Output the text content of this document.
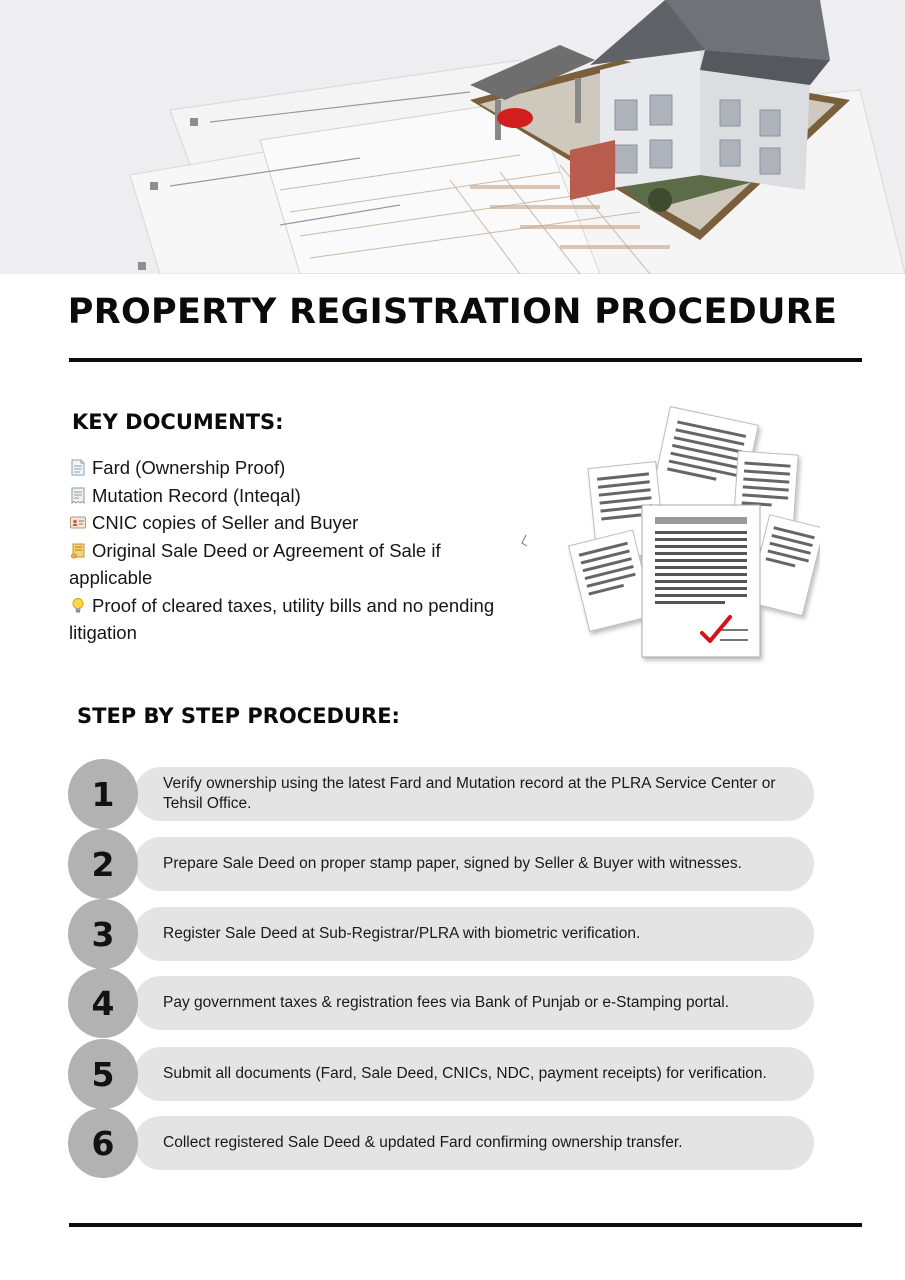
PROPERTY REGISTRATION PROCEDURE
KEY DOCUMENTS:
Fard (Ownership Proof)
Mutation Record (Inteqal)
CNIC copies of Seller and Buyer
Original Sale Deed or Agreement of Sale if applicable
Proof of cleared taxes, utility bills and no pending litigation
STEP BY STEP PROCEDURE:
1	Verify ownership using the latest Fard and Mutation record at the PLRA Service Center or Tehsil Office.
2	Prepare Sale Deed on proper stamp paper, signed by Seller & Buyer with witnesses.
3	Register Sale Deed at Sub-Registrar/PLRA with biometric verification.
4	Pay government taxes & registration fees via Bank of Punjab or e-Stamping portal.
5	Submit all documents (Fard, Sale Deed, CNICs, NDC, payment receipts) for verification.
6	Collect registered Sale Deed & updated Fard confirming ownership transfer.
